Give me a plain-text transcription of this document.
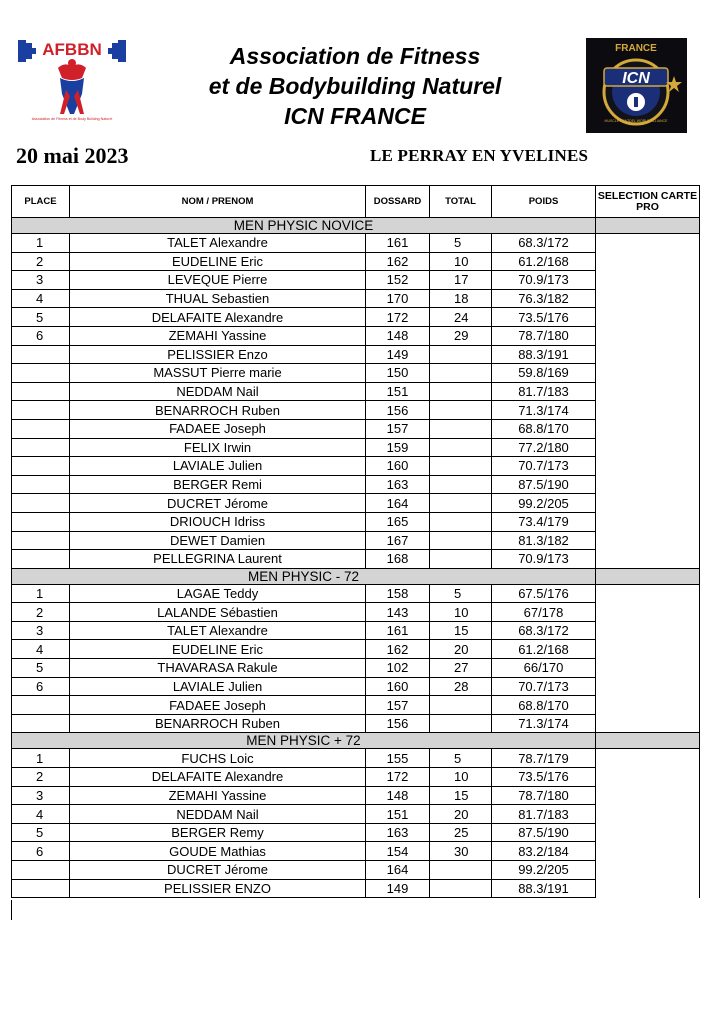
AFBBN
Association de Fitness et de Body Building Naturel
Association de Fitness
et de Bodybuilding Naturel
ICN FRANCE
FRANCE
ICN
MUSCLE & MODEL WORLD ALLIANCE
20 mai 2023	LE PERRAY EN YVELINES
PLACE	NOM / PRENOM	DOSSARD	TOTAL	POIDS	SELECTION CARTE PRO
MEN PHYSIC NOVICE					
1	TALET Alexandre	161	5	68.3/172	
2	EUDELINE Eric	162	10	61.2/168	
3	LEVEQUE Pierre	152	17	70.9/173	
4	THUAL Sebastien	170	18	76.3/182	
5	DELAFAITE Alexandre	172	24	73.5/176	
6	ZEMAHI Yassine	148	29	78.7/180	
	PELISSIER Enzo	149		88.3/191	
	MASSUT Pierre marie	150		59.8/169	
	NEDDAM Nail	151		81.7/183	
	BENARROCH Ruben	156		71.3/174	
	FADAEE Joseph	157		68.8/170	
	FELIX Irwin	159		77.2/180	
	LAVIALE Julien	160		70.7/173	
	BERGER Remi	163		87.5/190	
	DUCRET Jérome	164		99.2/205	
	DRIOUCH Idriss	165		73.4/179	
	DEWET Damien	167		81.3/182	
	PELLEGRINA Laurent	168		70.9/173	
MEN PHYSIC - 72					
1	LAGAE Teddy	158	5	67.5/176	
2	LALANDE Sébastien	143	10	67/178	
3	TALET Alexandre	161	15	68.3/172	
4	EUDELINE Eric	162	20	61.2/168	
5	THAVARASA Rakule	102	27	66/170	
6	LAVIALE Julien	160	28	70.7/173	
	FADAEE Joseph	157		68.8/170	
	BENARROCH Ruben	156		71.3/174	
MEN PHYSIC + 72					
1	FUCHS Loic	155	5	78.7/179	
2	DELAFAITE Alexandre	172	10	73.5/176	
3	ZEMAHI Yassine	148	15	78.7/180	
4	NEDDAM Nail	151	20	81.7/183	
5	BERGER Remy	163	25	87.5/190	
6	GOUDE Mathias	154	30	83.2/184	
	DUCRET Jérome	164		99.2/205	
	PELISSIER ENZO	149		88.3/191	
